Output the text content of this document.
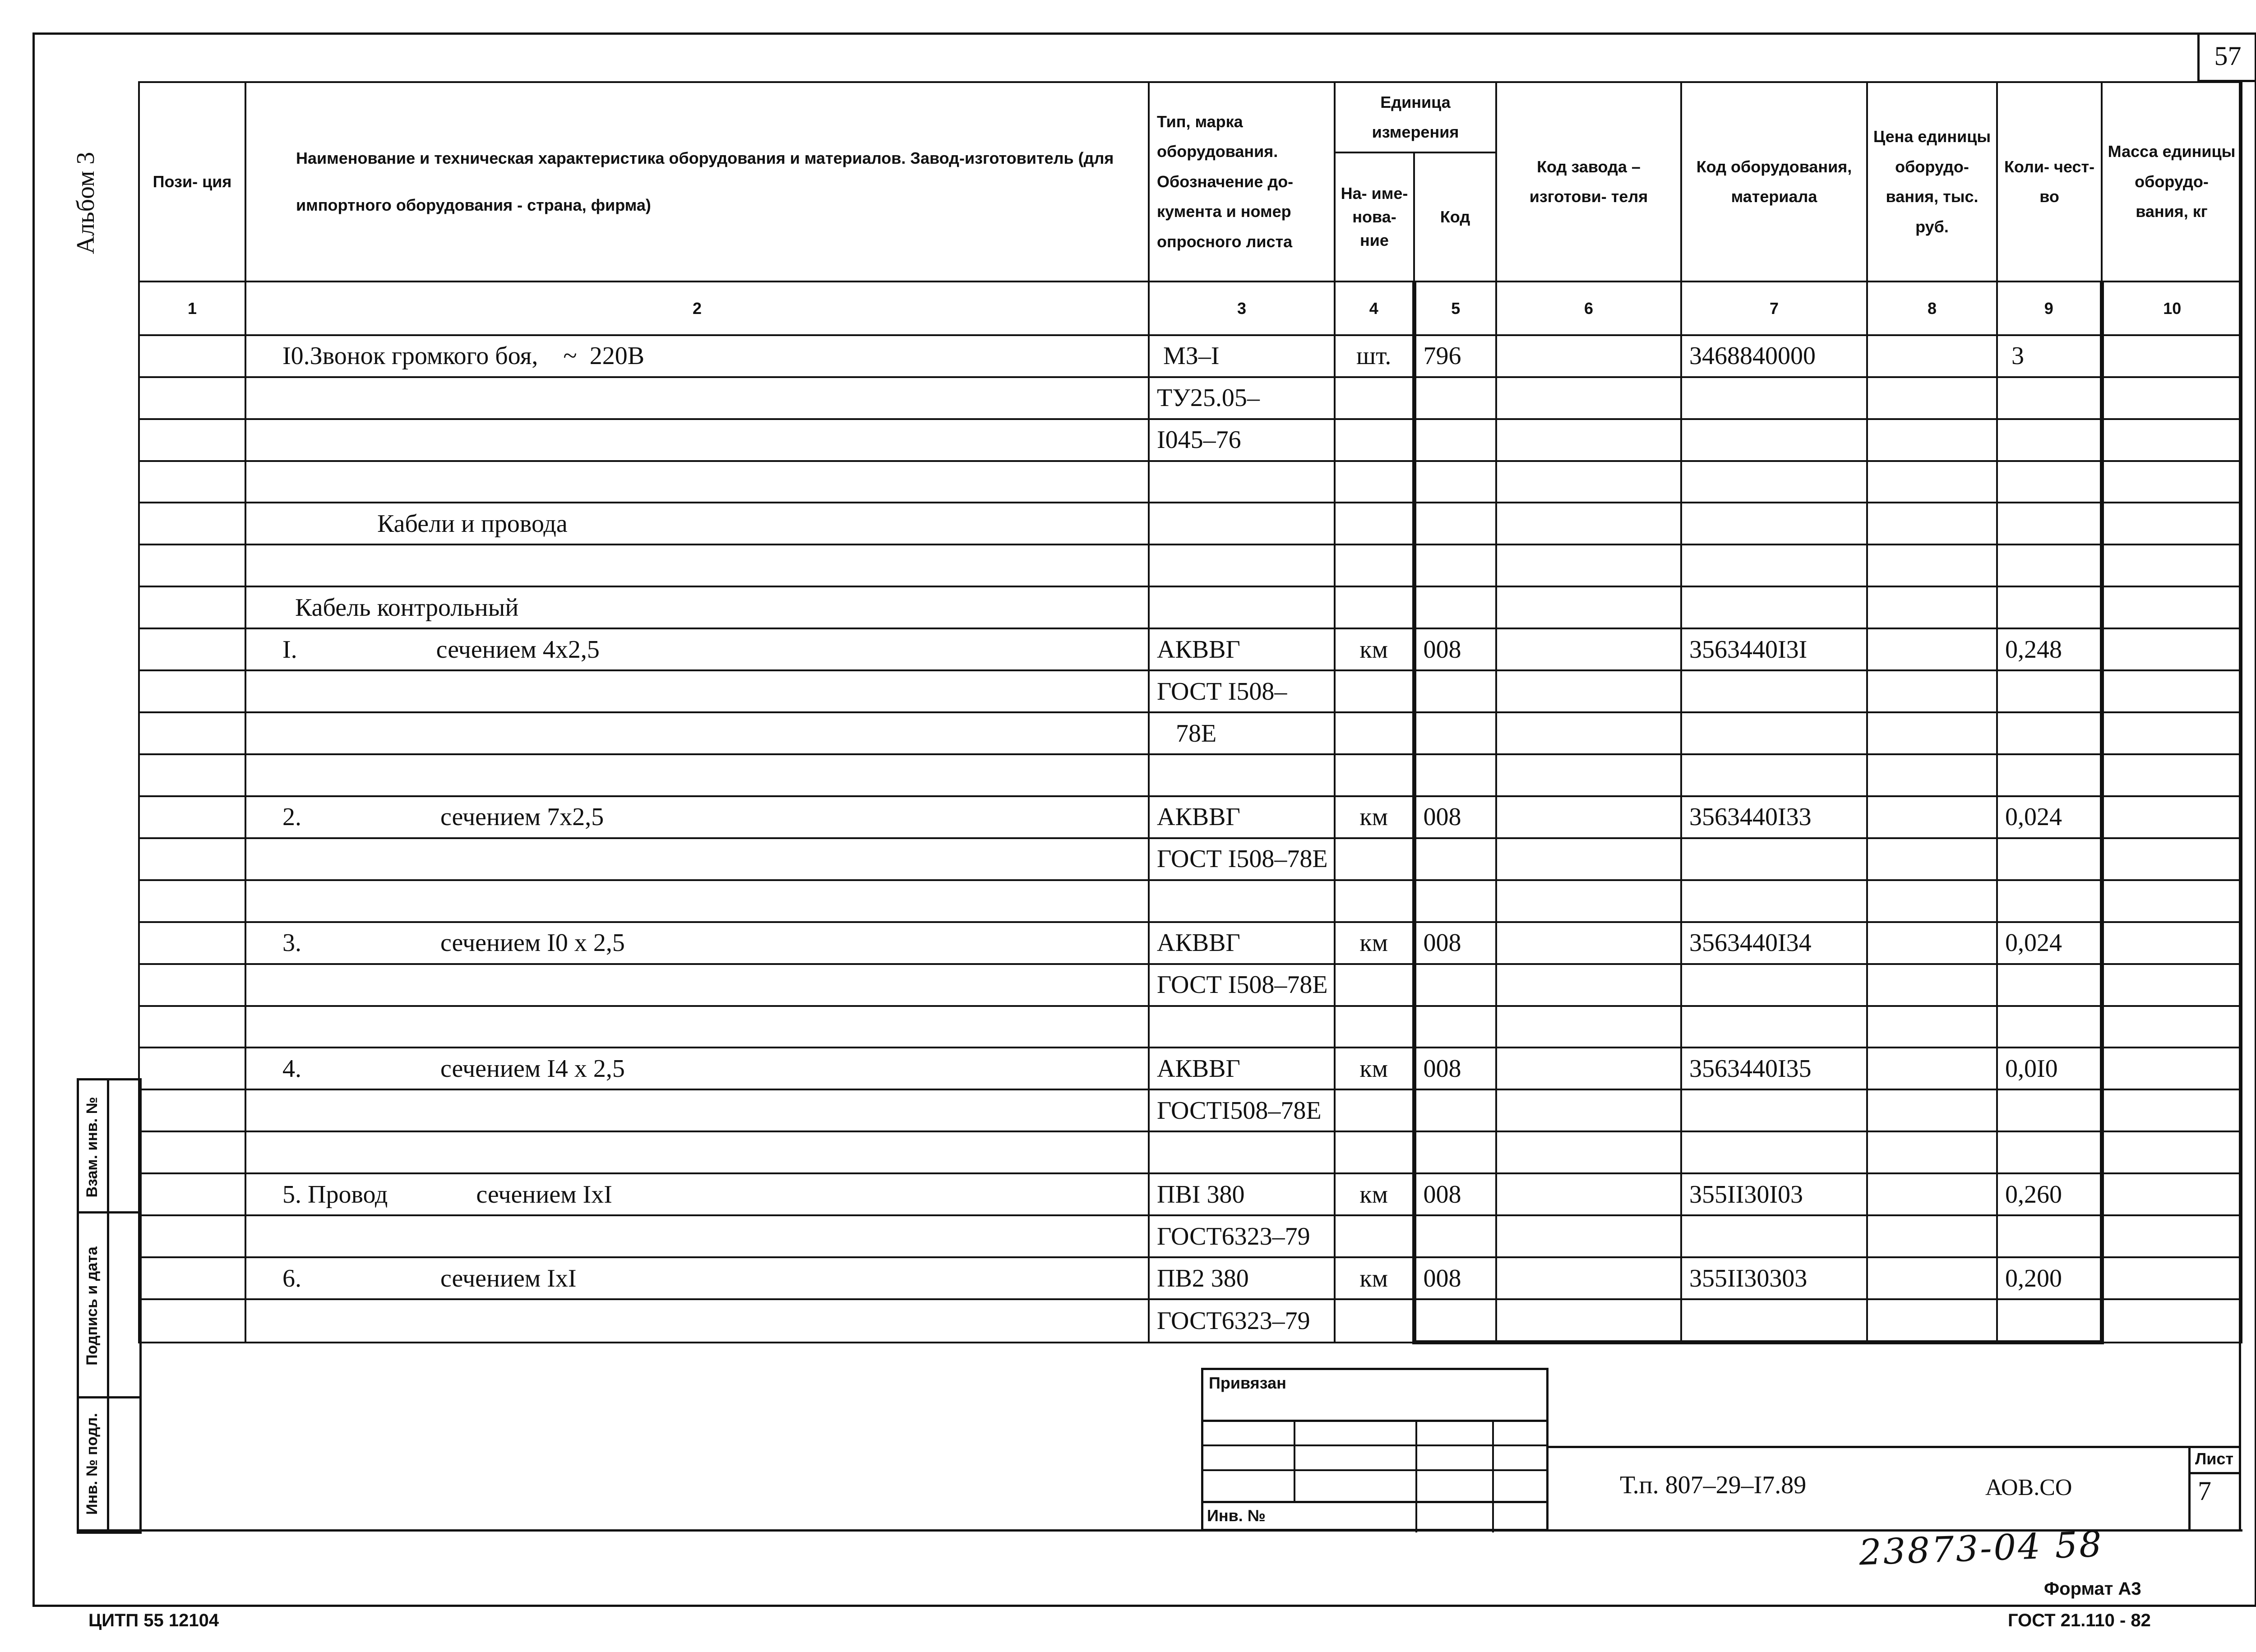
57
Альбом 3	Пози- ция	Наименование и техническая характеристика оборудования и материалов. Завод-изготовитель (для импортного оборудования - страна, фирма)	Тип, марка оборудования. Обозначение до- кумента и номер опросного листа	Единица измерения		Код завода – изготови- теля	Код оборудования, материала	Цена единицы оборудо- вания, тыс. руб.	Коли- чест- во	Масса единицы оборудо- вания, кг
			На- име- нова- ние	Код					
1	2	3	4	5	6	7	8	9	10
	I0.Звонок громкого боя,    ~  220В	МЗ–I	шт.	796		3468840000		3	
		ТУ25.05–							
		I045–76							

	Кабели и провода								

	Кабель контрольный								
	I.                      сечением 4х2,5	АКВВГ	км	008		3563440I3I		0,248	
		ГОСТ I508–							
		78Е							

	2.                      сечением 7х2,5	АКВВГ	км	008		3563440I33		0,024	
		ГОСТ I508–78Е							

	3.                      сечением I0 х 2,5	АКВВГ	км	008		3563440I34		0,024	
		ГОСТ I508–78Е							

	4.                      сечением I4 х 2,5	АКВВГ	км	008		3563440I35		0,0I0	
		ГОСТI508–78Е							

	5. Провод              сечением IхI	ПВI 380	км	008		355II30I03		0,260	
		ГОСТ6323–79							
	6.                      сечением IхI	ПВ2 380	км	008		355II30303		0,200	
		ГОСТ6323–79							
Взам. инв. №
Подпись и дата
Инв. № подл.
Привязан
Инв. №
Т.п. 807–29–I7.89	АОВ.СО
Лист
7
23873-04 58
Формат А3
ЦИТП 55 12104	ГОСТ 21.110 - 82
